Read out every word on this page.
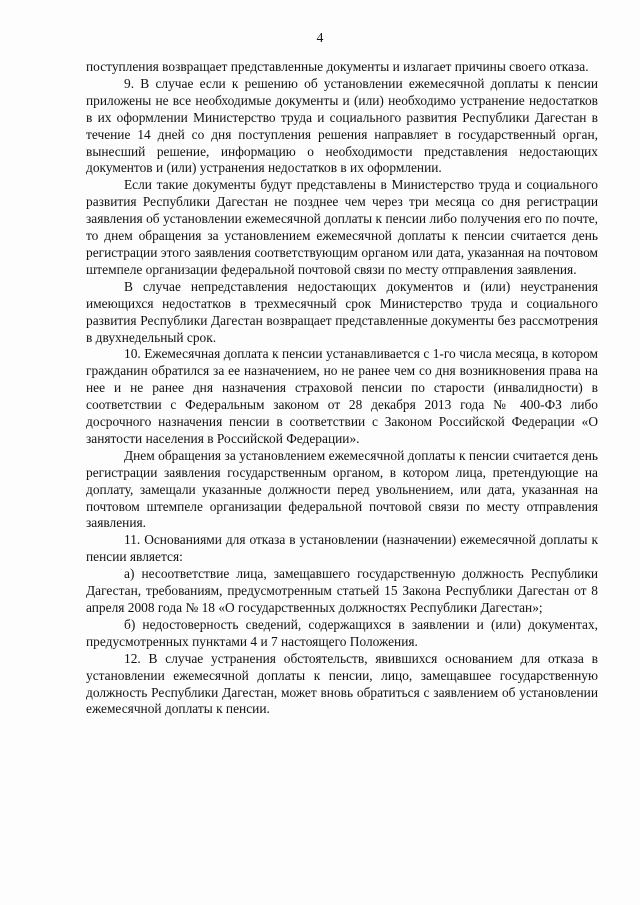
4

поступления возвращает представленные документы и излагает причины своего отказа.

9. В случае если к решению об установлении ежемесячной доплаты к пенсии приложены не все необходимые документы и (или) необходимо устранение недостатков в их оформлении Министерство труда и социального развития Республики Дагестан в течение 14 дней со дня поступления решения направляет в государственный орган, вынесший решение, информацию о необходимости представления недостающих документов и (или) устранения недостатков в их оформлении.

Если такие документы будут представлены в Министерство труда и социального развития Республики Дагестан не позднее чем через три месяца со дня регистрации заявления об установлении ежемесячной доплаты к пенсии либо получения его по почте, то днем обращения за установлением ежемесячной доплаты к пенсии считается день регистрации этого заявления соответствующим органом или дата, указанная на почтовом штемпеле организации федеральной почтовой связи по месту отправления заявления.

В случае непредставления недостающих документов и (или) неустранения имеющихся недостатков в трехмесячный срок Министерство труда и социального развития Республики Дагестан возвращает представленные документы без рассмотрения в двухнедельный срок.

10. Ежемесячная доплата к пенсии устанавливается с 1-го числа месяца, в котором гражданин обратился за ее назначением, но не ранее чем со дня возникновения права на нее и не ранее дня назначения страховой пенсии по старости (инвалидности) в соответствии с Федеральным законом от 28 декабря 2013 года № 400-ФЗ либо досрочного назначения пенсии в соответствии с Законом Российской Федерации «О занятости населения в Российской Федерации».

Днем обращения за установлением ежемесячной доплаты к пенсии считается день регистрации заявления государственным органом, в котором лица, претендующие на доплату, замещали указанные должности перед увольнением, или дата, указанная на почтовом штемпеле организации федеральной почтовой связи по месту отправления заявления.

11. Основаниями для отказа в установлении (назначении) ежемесячной доплаты к пенсии является:

а) несоответствие лица, замещавшего государственную должность Республики Дагестан, требованиям, предусмотренным статьей 15 Закона Республики Дагестан от 8 апреля 2008 года № 18 «О государственных должностях Республики Дагестан»;

б) недостоверность сведений, содержащихся в заявлении и (или) документах, предусмотренных пунктами 4 и 7 настоящего Положения.

12. В случае устранения обстоятельств, явившихся основанием для отказа в установлении ежемесячной доплаты к пенсии, лицо, замещавшее государственную должность Республики Дагестан, может вновь обратиться с заявлением об установлении ежемесячной доплаты к пенсии.
